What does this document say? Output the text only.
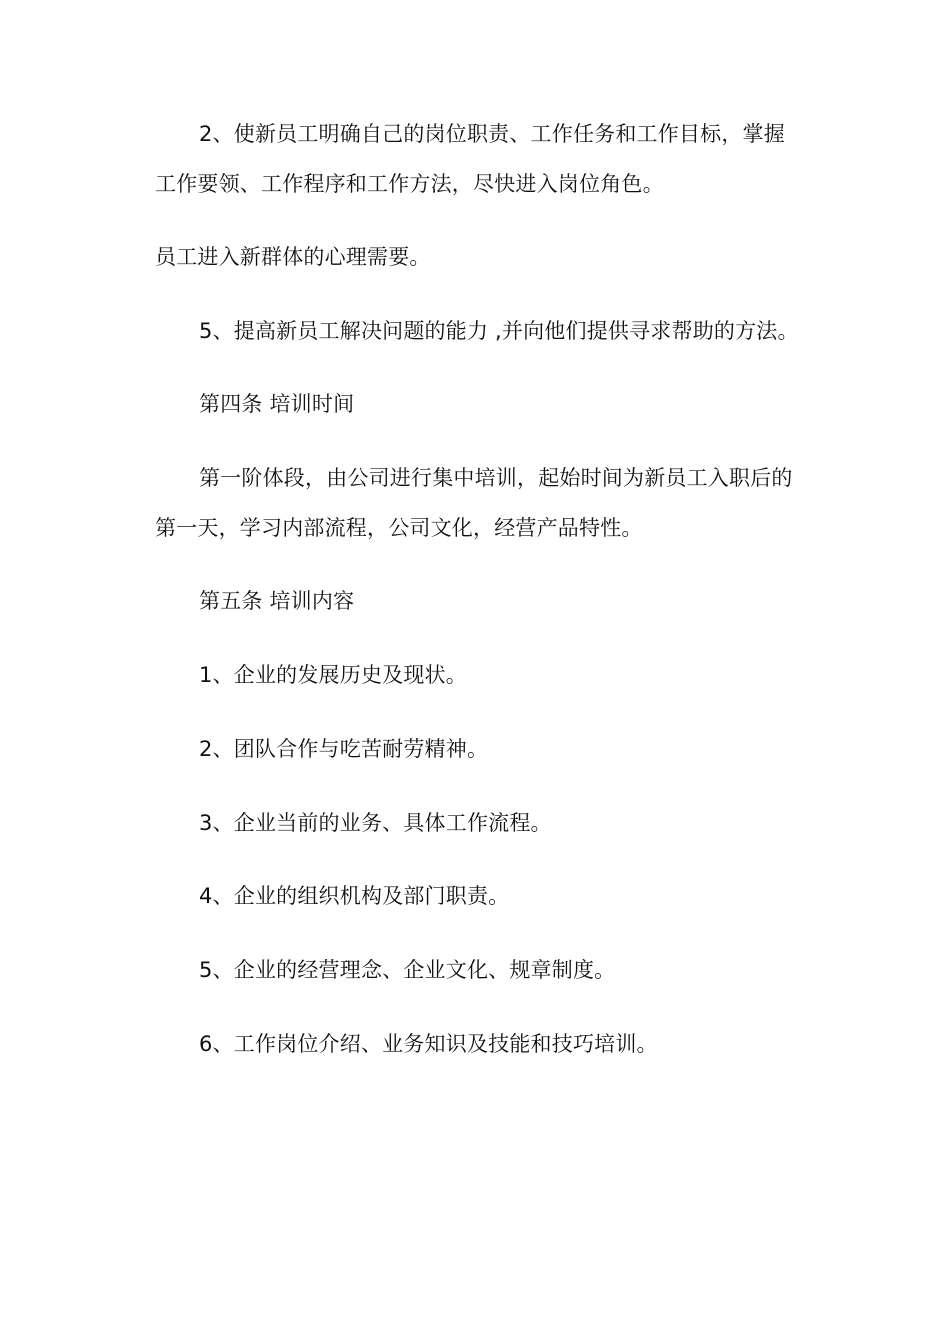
2、使新员工明确自己的岗位职责、工作任务和工作目标，掌握
工作要领、工作程序和工作方法，尽快进入岗位角色。
员工进入新群体的心理需要。
5、提高新员工解决问题的能力 ,并向他们提供寻求帮助的方法。
第四条 培训时间
第一阶体段，由公司进行集中培训，起始时间为新员工入职后的
第一天，学习内部流程，公司文化，经营产品特性。
第五条 培训内容
1、企业的发展历史及现状。
2、团队合作与吃苦耐劳精神。
3、企业当前的业务、具体工作流程。
4、企业的组织机构及部门职责。
5、企业的经营理念、企业文化、规章制度。
6、工作岗位介绍、业务知识及技能和技巧培训。
